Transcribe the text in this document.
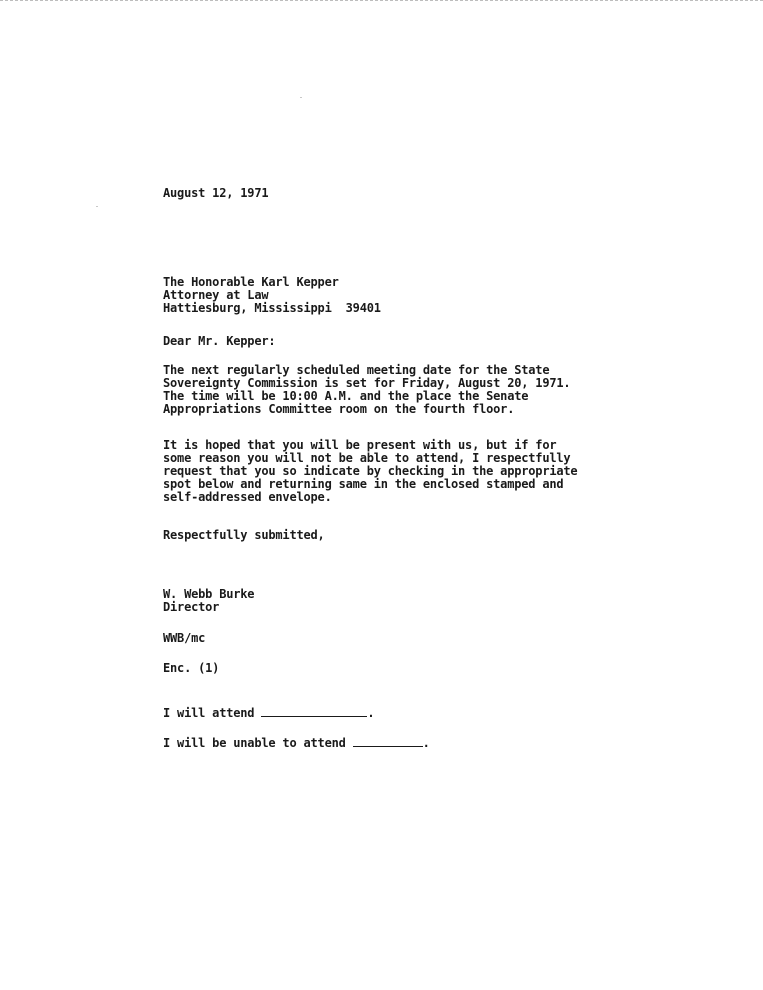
August 12, 1971
The Honorable Karl Kepper
Attorney at Law
Hattiesburg, Mississippi  39401
Dear Mr. Kepper:
The next regularly scheduled meeting date for the State
Sovereignty Commission is set for Friday, August 20, 1971.
The time will be 10:00 A.M. and the place the Senate
Appropriations Committee room on the fourth floor.
It is hoped that you will be present with us, but if for
some reason you will not be able to attend, I respectfully
request that you so indicate by checking in the appropriate
spot below and returning same in the enclosed stamped and
self-addressed envelope.
Respectfully submitted,
W. Webb Burke
Director
WWB/mc
Enc. (1)
I will attend	.
I will be unable to attend	.
